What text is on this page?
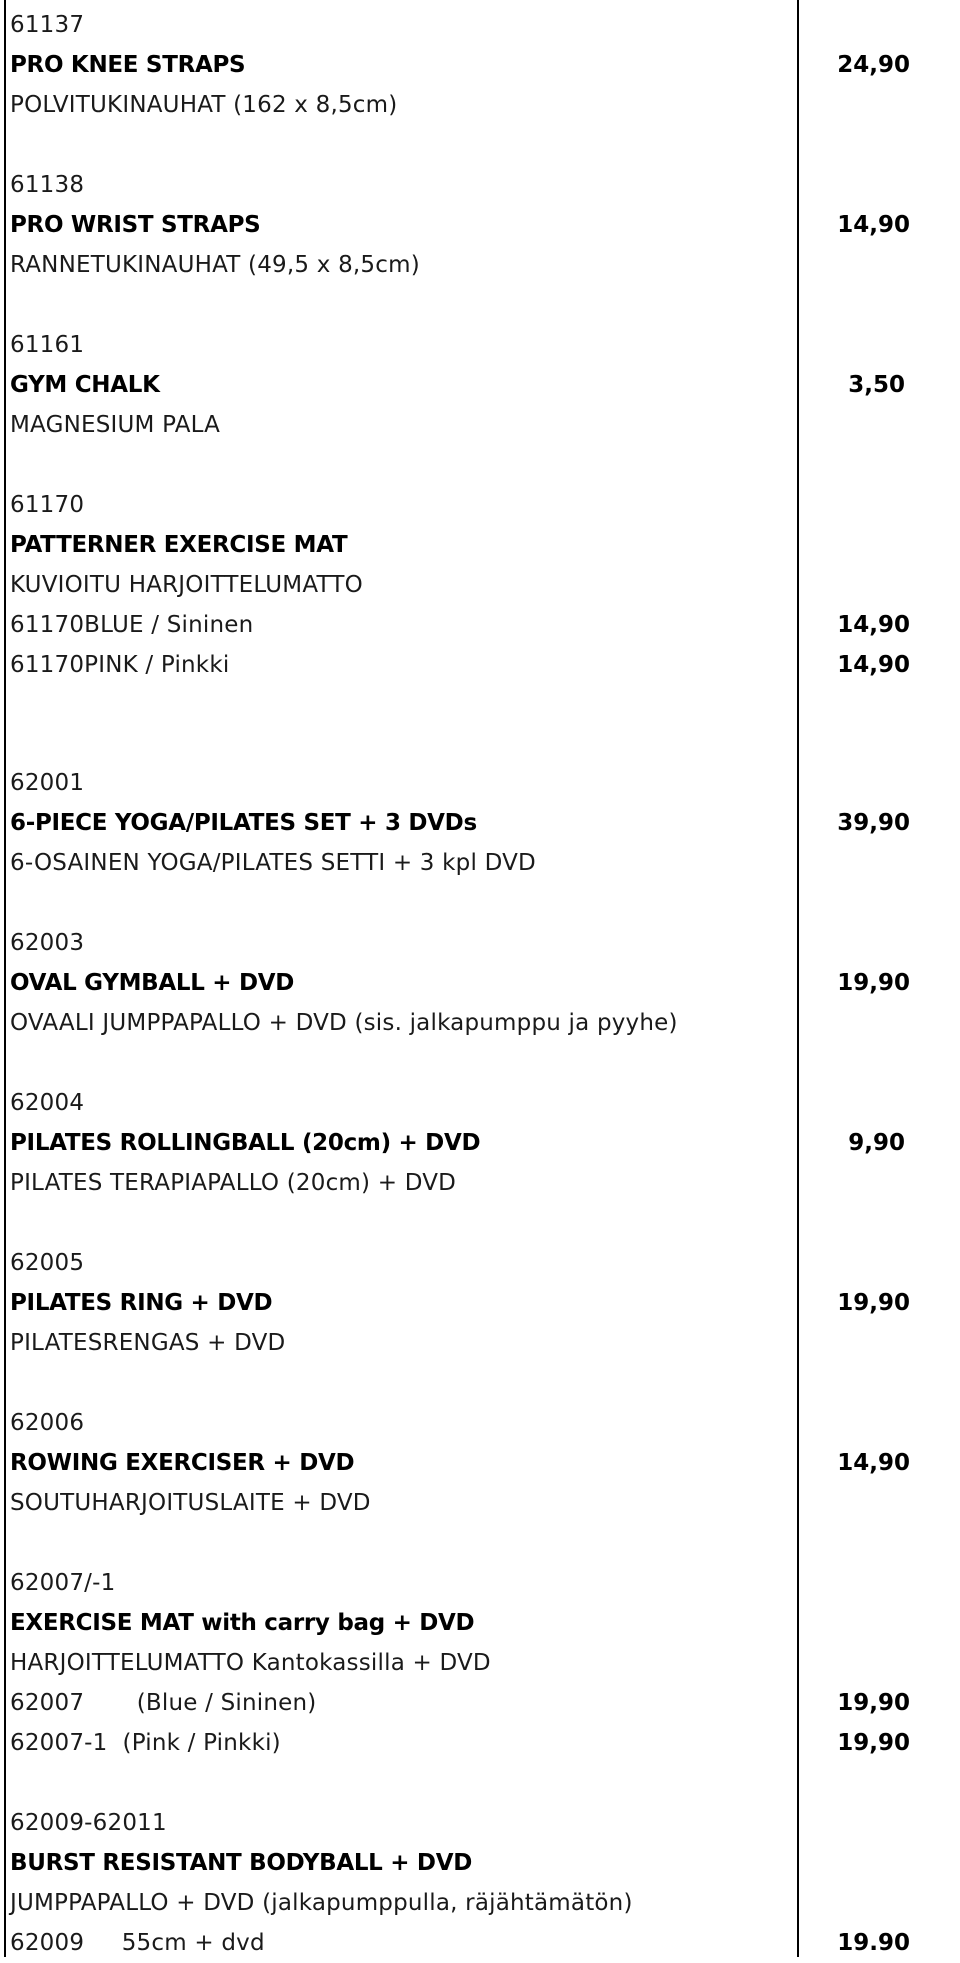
61137
PRO KNEE STRAPS	24,90
POLVITUKINAUHAT (162 x 8,5cm)
61138
PRO WRIST STRAPS	14,90
RANNETUKINAUHAT (49,5 x 8,5cm)
61161
GYM CHALK	3,50
MAGNESIUM PALA
61170
PATTERNER EXERCISE MAT
KUVIOITU HARJOITTELUMATTO
61170BLUE / Sininen	14,90
61170PINK / Pinkki	14,90
62001
6-PIECE YOGA/PILATES SET + 3 DVDs	39,90
6-OSAINEN YOGA/PILATES SETTI + 3 kpl DVD
62003
OVAL GYMBALL + DVD	19,90
OVAALI JUMPPAPALLO + DVD (sis. jalkapumppu ja pyyhe)
62004
PILATES ROLLINGBALL (20cm) + DVD	9,90
PILATES TERAPIAPALLO (20cm) + DVD
62005
PILATES RING + DVD	19,90
PILATESRENGAS + DVD
62006
ROWING EXERCISER + DVD	14,90
SOUTUHARJOITUSLAITE + DVD
62007/-1
EXERCISE MAT with carry bag + DVD
HARJOITTELUMATTO Kantokassilla + DVD
62007       (Blue / Sininen)	19,90
62007-1  (Pink / Pinkki)	19,90
62009-62011
BURST RESISTANT BODYBALL + DVD
JUMPPAPALLO + DVD (jalkapumppulla, räjähtämätön)
62009     55cm + dvd	19.90
